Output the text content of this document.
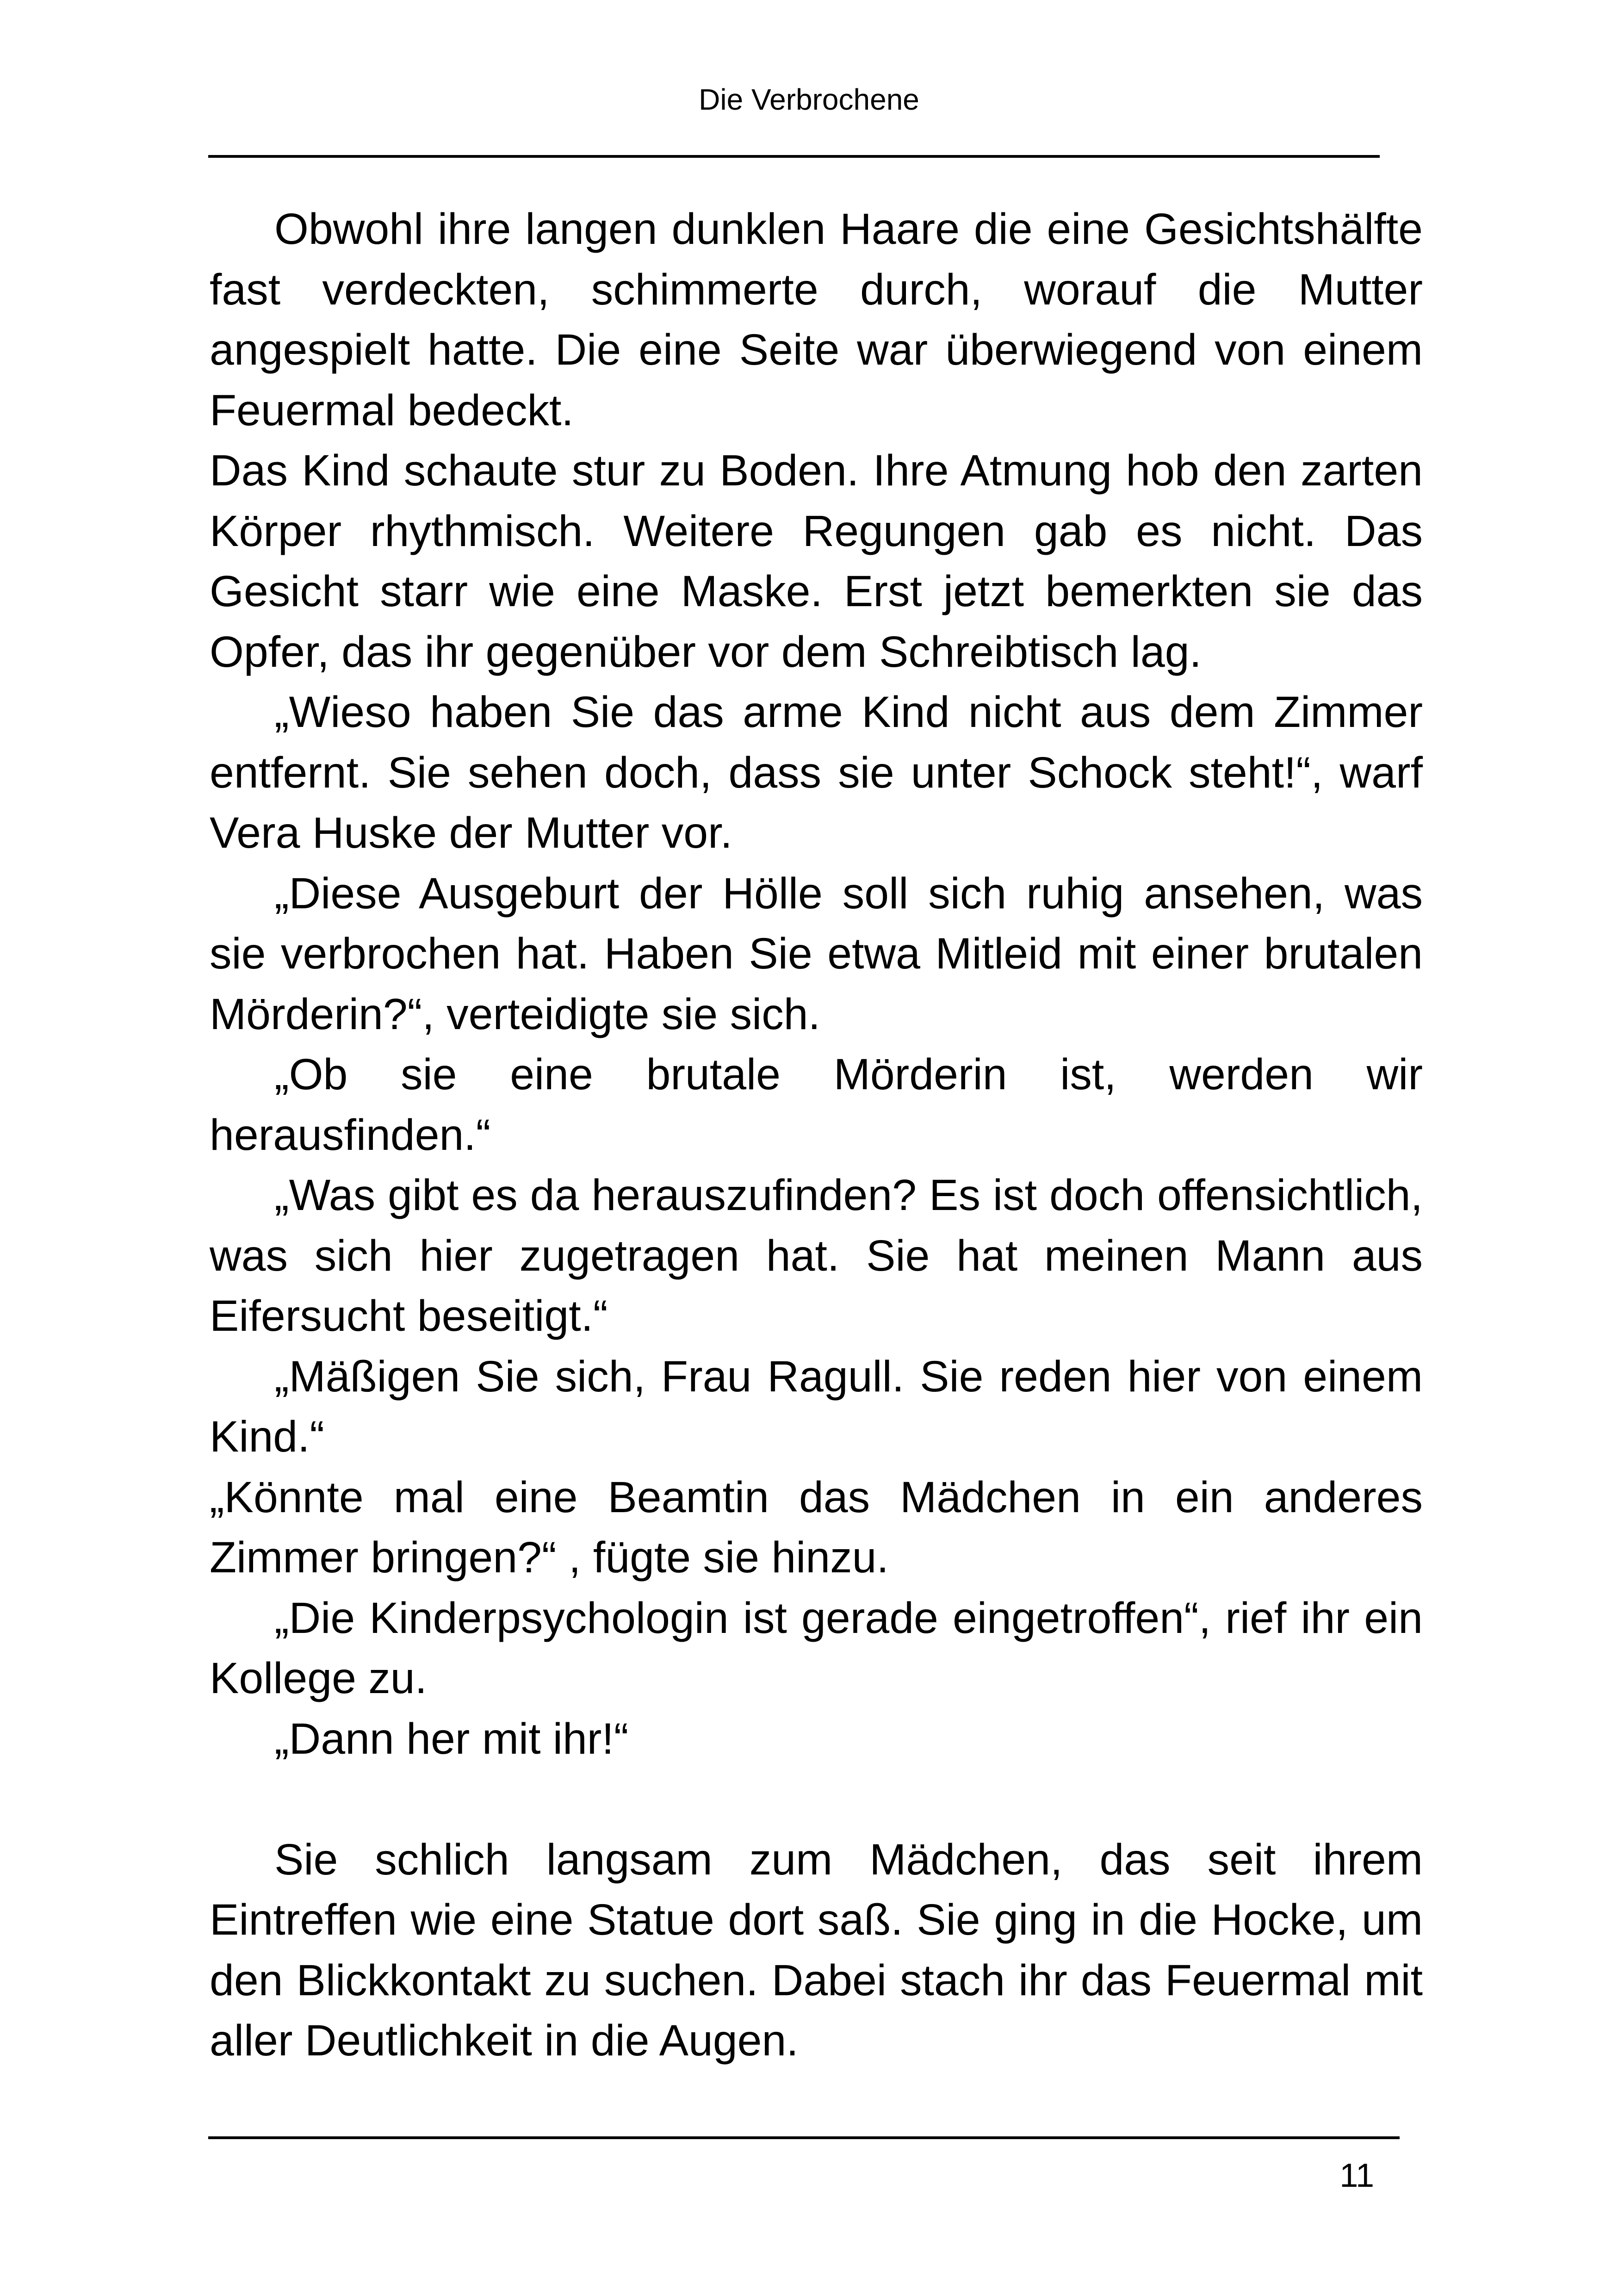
Die Verbrochene

Obwohl ihre langen dunklen Haare die eine Gesichtshälfte fast verdeckten, schimmerte durch, worauf die Mutter angespielt hatte. Die eine Seite war überwiegend von einem Feuermal bedeckt.

Das Kind schaute stur zu Boden. Ihre Atmung hob den zarten Körper rhythmisch. Weitere Regungen gab es nicht. Das Gesicht starr wie eine Maske. Erst jetzt bemerkten sie das Opfer, das ihr gegenüber vor dem Schreibtisch lag.

„Wieso haben Sie das arme Kind nicht aus dem Zimmer entfernt. Sie sehen doch, dass sie unter Schock steht!“, warf Vera Huske der Mutter vor.

„Diese Ausgeburt der Hölle soll sich ruhig ansehen, was sie verbrochen hat. Haben Sie etwa Mitleid mit einer brutalen Mörderin?“, verteidigte sie sich.

„Ob sie eine brutale Mörderin ist, werden wir herausfinden.“

„Was gibt es da herauszufinden? Es ist doch offensichtlich, was sich hier zugetragen hat. Sie hat meinen Mann aus Eifersucht beseitigt.“

„Mäßigen Sie sich, Frau Ragull. Sie reden hier von einem Kind.“

„Könnte mal eine Beamtin das Mädchen in ein anderes Zimmer bringen?“ , fügte sie hinzu.

„Die Kinderpsychologin ist gerade eingetroffen“, rief ihr ein Kollege zu.

„Dann her mit ihr!“

Sie schlich langsam zum Mädchen, das seit ihrem Eintreffen wie eine Statue dort saß. Sie ging in die Hocke, um den Blickkontakt zu suchen. Dabei stach ihr das Feuermal mit aller Deutlichkeit in die Augen.

11
